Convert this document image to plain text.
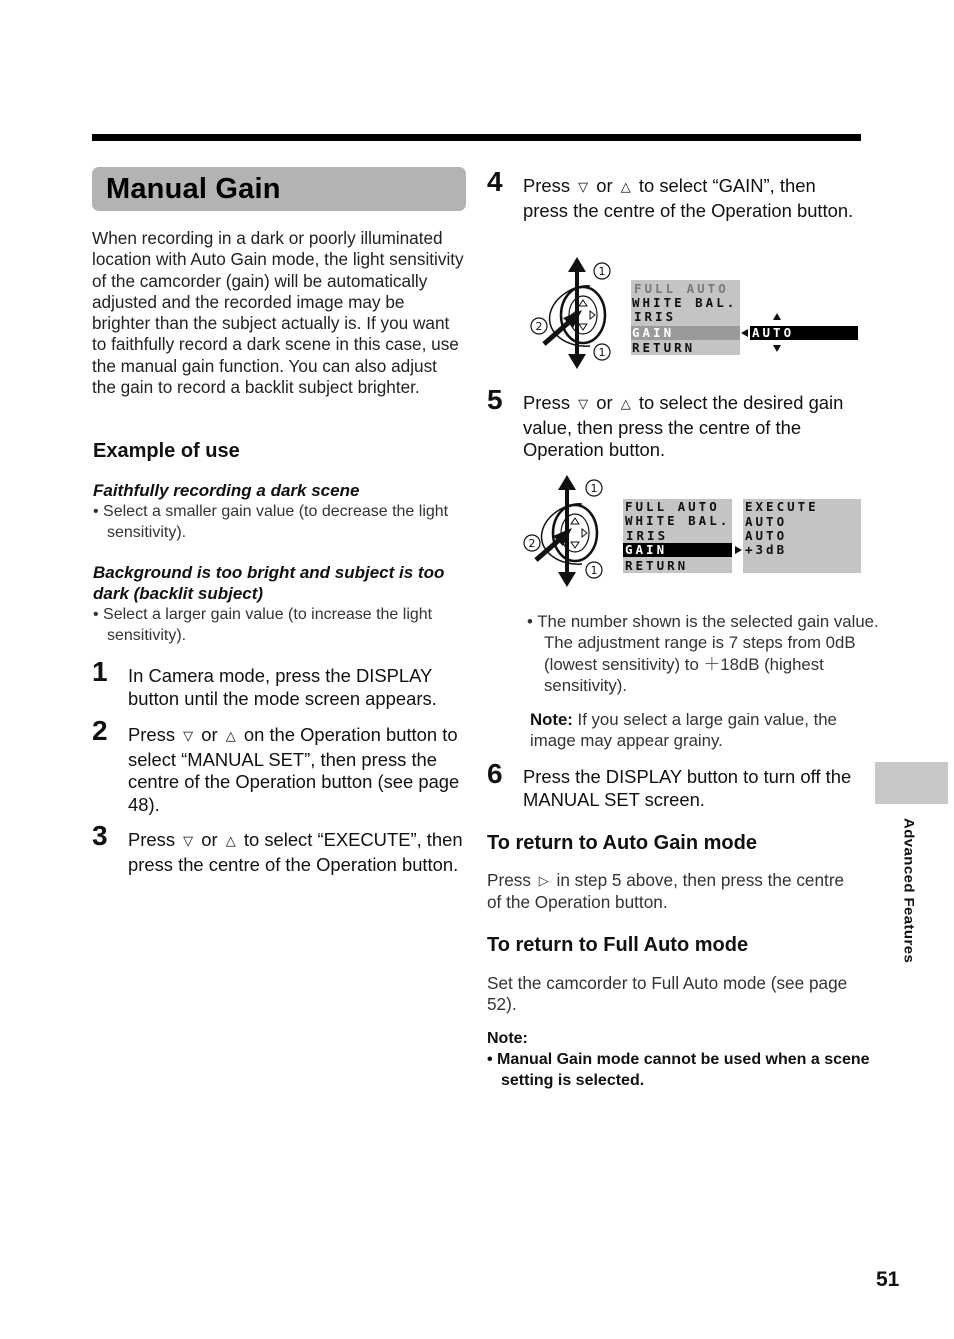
Manual Gain
When recording in a dark or poorly illuminated location with Auto Gain mode, the light sensitivity of the camcorder (gain) will be automatically adjusted and the recorded image may be brighter than the subject actually is. If you want to faithfully record a dark scene in this case, use the manual gain function. You can also adjust the gain to record a backlit subject brighter.
Example of use
Faithfully recording a dark scene
• Select a smaller gain value (to decrease the light sensitivity).
Background is too bright and subject is too dark (backlit subject)
• Select a larger gain value (to increase the light sensitivity).
1 In Camera mode, press the DISPLAY button until the mode screen appears.
2 Press ▽ or △ on the Operation button to select “MANUAL SET”, then press the centre of the Operation button (see page 48).
3 Press ▽ or △ to select “EXECUTE”, then press the centre of the Operation button.
4 Press ▽ or △ to select “GAIN”, then press the centre of the Operation button.
1
1
2
FULL AUTO
WHITE BAL.
IRIS
GAIN
RETURN
AUTO
5 Press ▽ or △ to select the desired gain value, then press the centre of the Operation button.
1
1
2
FULL AUTO
WHITE BAL.
IRIS
GAIN
RETURN
EXECUTE
AUTO
AUTO
+3dB
• The number shown is the selected gain value. The adjustment range is 7 steps from 0dB (lowest sensitivity) to ＋18dB (highest sensitivity).
Note: If you select a large gain value, the image may appear grainy.
6 Press the DISPLAY button to turn off the MANUAL SET screen.
To return to Auto Gain mode
Press ▷ in step 5 above, then press the centre of the Operation button.
To return to Full Auto mode
Set the camcorder to Full Auto mode (see page 52).
Note:
• Manual Gain mode cannot be used when a scene setting is selected.
Advanced Features
51
